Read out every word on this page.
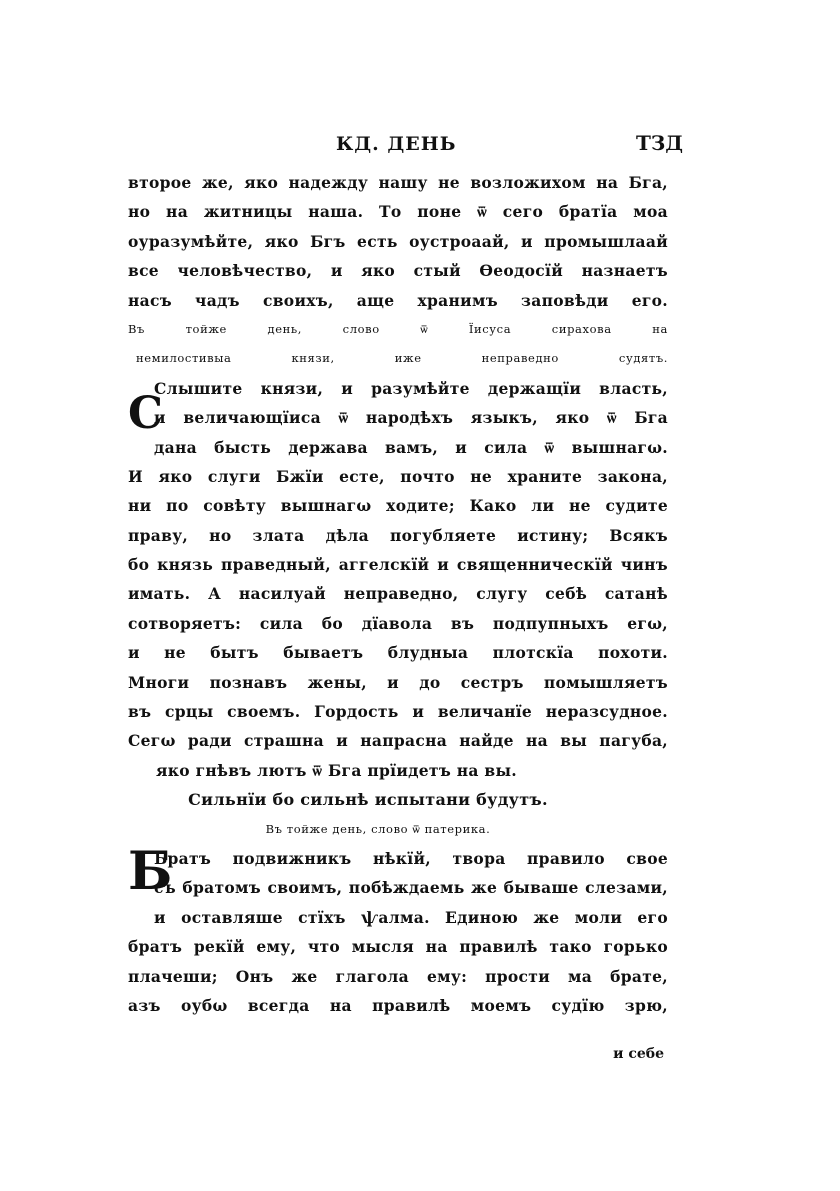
КД. ДЕНЬ	ТЗД
С
Б
второе же, яко надежду нашу не возложихом на Бга,
но на житницы наша. То поне ѿ сего братїа моа
оуразумѣйте, яко Бгъ есть оустроаай, и промышлаай
все человѣчество, и яко стый Ѳеодосїй назнаетъ
насъ чадъ своихъ, аще хранимъ заповѣди его.
Въ тойже день, слово ѿ Їисуса сирахова на
немилостивыа князи, иже неправедно судятъ.
Слышите князи, и разумѣйте держащїи власть,
и величающїиса ѿ народѣхъ языкъ, яко ѿ Бга
дана бысть держава вамъ, и сила ѿ вышнагω.
И яко слуги Бжїи есте, почто не храните закона,
ни по совѣту вышнагω ходите; Како ли не судите
праву, но злата дѣла погубляете истину; Всякъ
бо князь праведный, аггелскїй и священническїй чинъ
имать. А насилуай неправедно, слугу себѣ сатанѣ
сотворяетъ: сила бо дїавола въ подпупныхъ егω,
и не бытъ бываетъ блудныа плотскїа похоти.
Многи познавъ жены, и до сестръ помышляетъ
въ срцы своемъ. Гордость и величанїе неразсудное.
Сегω ради страшна и напрасна найде на вы пагуба,
яко гнѣвъ лютъ ѿ Бга прїидетъ на вы.
Сильнїи бо сильнѣ испытани будутъ.
Въ тойже день, слово ѿ патерика.
Братъ подвижникъ нѣкїй, твора правило свое
съ братомъ своимъ, побѣждаемь же бываше слезами,
и оставляше стїхъ ѱалма. Единою же моли его
братъ рекїй ему, что мысля на правилѣ тако горько
плачеши; Онъ же глагола ему: прости ма брате,
азъ оубω всегда на правилѣ моемъ судїю зрю,
и себе
